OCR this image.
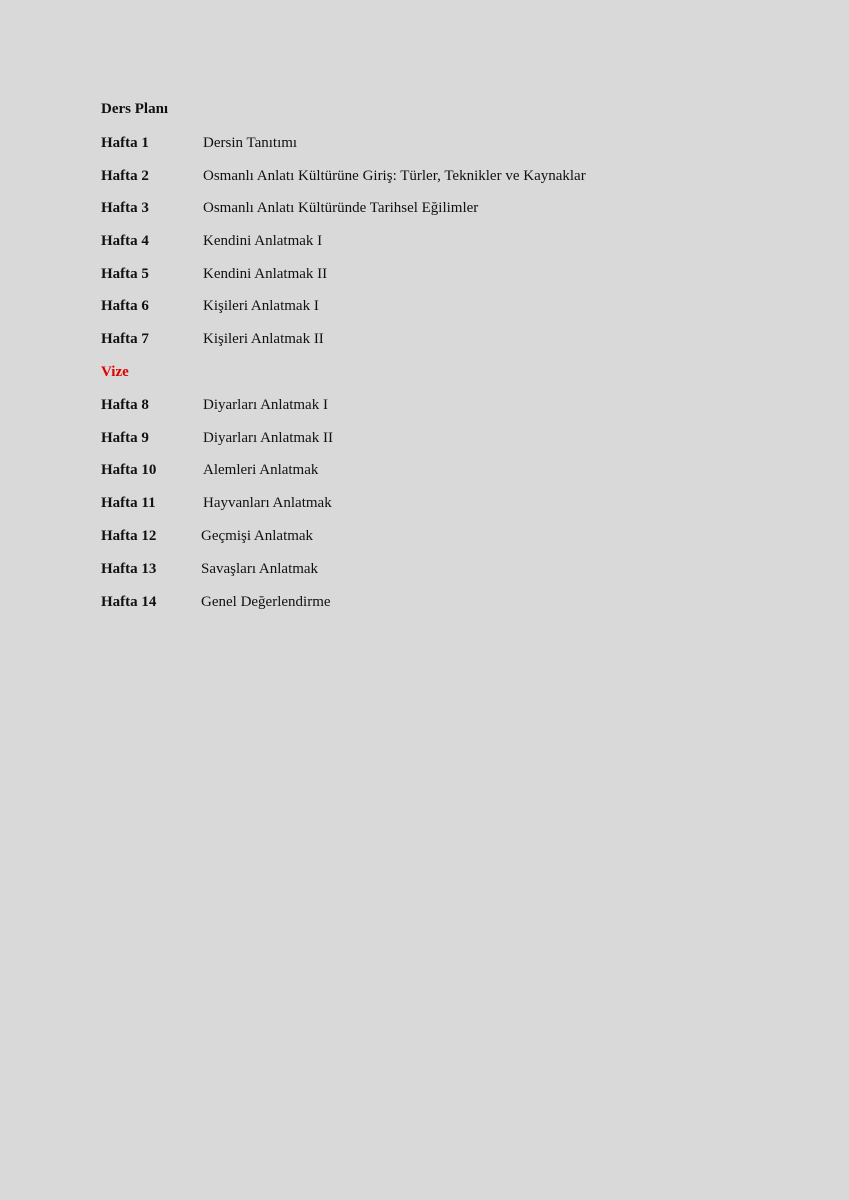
Ders Planı
Hafta 1	Dersin Tanıtımı
Hafta 2	Osmanlı Anlatı Kültürüne Giriş: Türler, Teknikler ve Kaynaklar
Hafta 3	Osmanlı Anlatı Kültüründe Tarihsel Eğilimler
Hafta 4	Kendini Anlatmak I
Hafta 5	Kendini Anlatmak II
Hafta 6	Kişileri Anlatmak I
Hafta 7	Kişileri Anlatmak II
Vize
Hafta 8	Diyarları Anlatmak I
Hafta 9	Diyarları Anlatmak II
Hafta 10	Alemleri Anlatmak
Hafta 11	Hayvanları Anlatmak
Hafta 12	Geçmişi Anlatmak
Hafta 13	Savaşları Anlatmak
Hafta 14	Genel Değerlendirme
